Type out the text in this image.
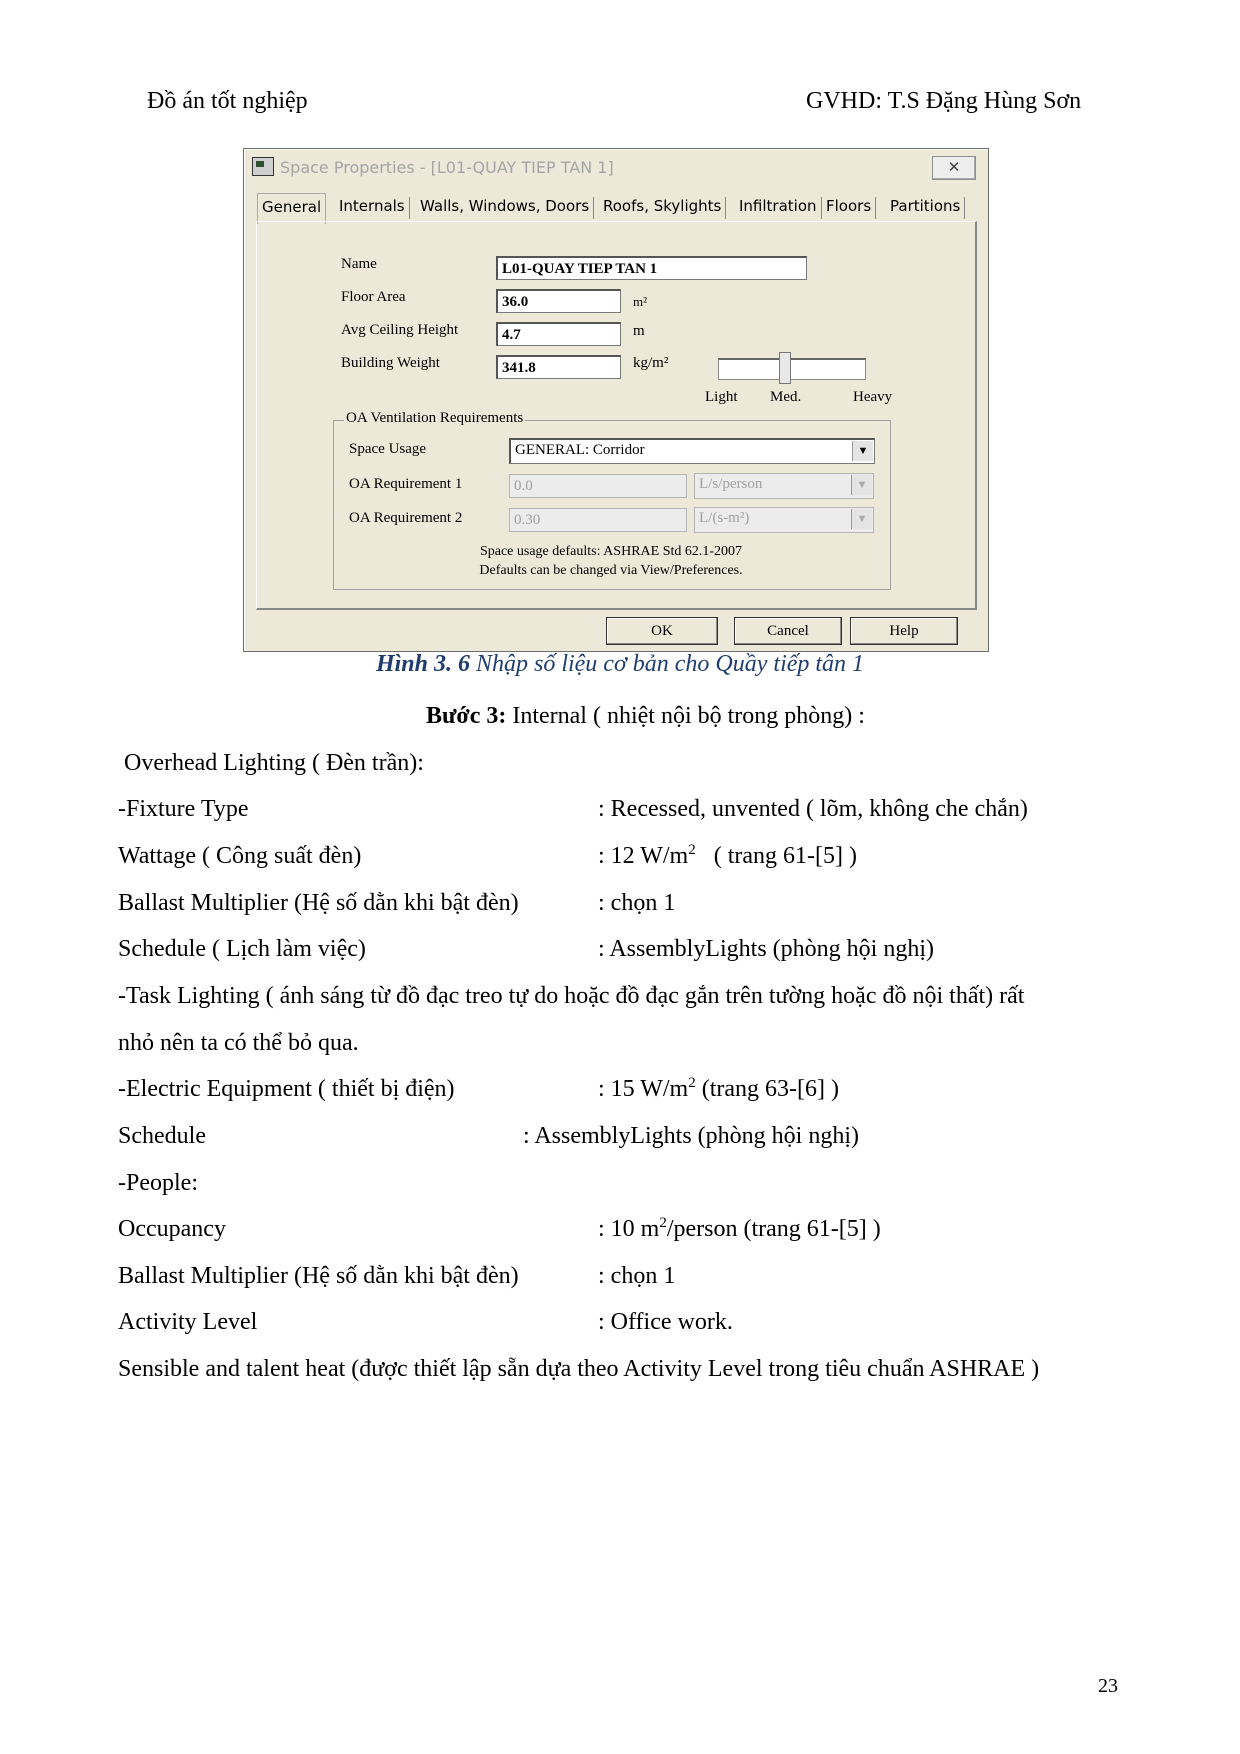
Đồ án tốt nghiệp	GVHD: T.S Đặng Hùng Sơn
Space Properties - [L01-QUAY TIEP TAN 1]	✕
General	Internals	Walls, Windows, Doors Roofs, Skylights	Infiltration Floors	Partitions
Name	L01-QUAY TIEP TAN 1
Floor Area	36.0	m²
Avg Ceiling Height	4.7	m
Building Weight	341.8	kg/m²
Light Med.	Heavy
OA Ventilation Requirements
Space Usage	GENERAL: Corridor	▼
OA Requirement 1	0.0	L/s/person	▼
OA Requirement 2	0.30	L/(s-m²)	▼
Space usage defaults: ASHRAE Std 62.1-2007
Defaults can be changed via View/Preferences.
OK	Cancel	Help
Hình 3. 6 Nhập số liệu cơ bản cho Quầy tiếp tân 1
Bước 3: Internal ( nhiệt nội bộ trong phòng) :
Overhead Lighting ( Đèn trần):
-Fixture Type	: Recessed, unvented ( lõm, không che chắn)
Wattage ( Công suất đèn)	: 12 $W/m^2$   ( trang 61-[5] )
Ballast Multiplier (Hệ số dằn khi bật đèn)	: chọn 1
Schedule ( Lịch làm việc)	: AssemblyLights (phòng hội nghị)
-Task Lighting ( ánh sáng từ đồ đạc treo tự do hoặc đồ đạc gắn trên tường hoặc đồ nội thất) rất
nhỏ nên ta có thể bỏ qua.
-Electric Equipment ( thiết bị điện)	: 15 $W/m^2$ (trang 63-[6] )
Schedule	: AssemblyLights (phòng hội nghị)
-People:
Occupancy	: 10 $m^2$/person (trang 61-[5] )
Ballast Multiplier (Hệ số dằn khi bật đèn)	: chọn 1
Activity Level	: Office work.
Sensible and talent heat (được thiết lập sẵn dựa theo Activity Level trong tiêu chuẩn ASHRAE )
23
